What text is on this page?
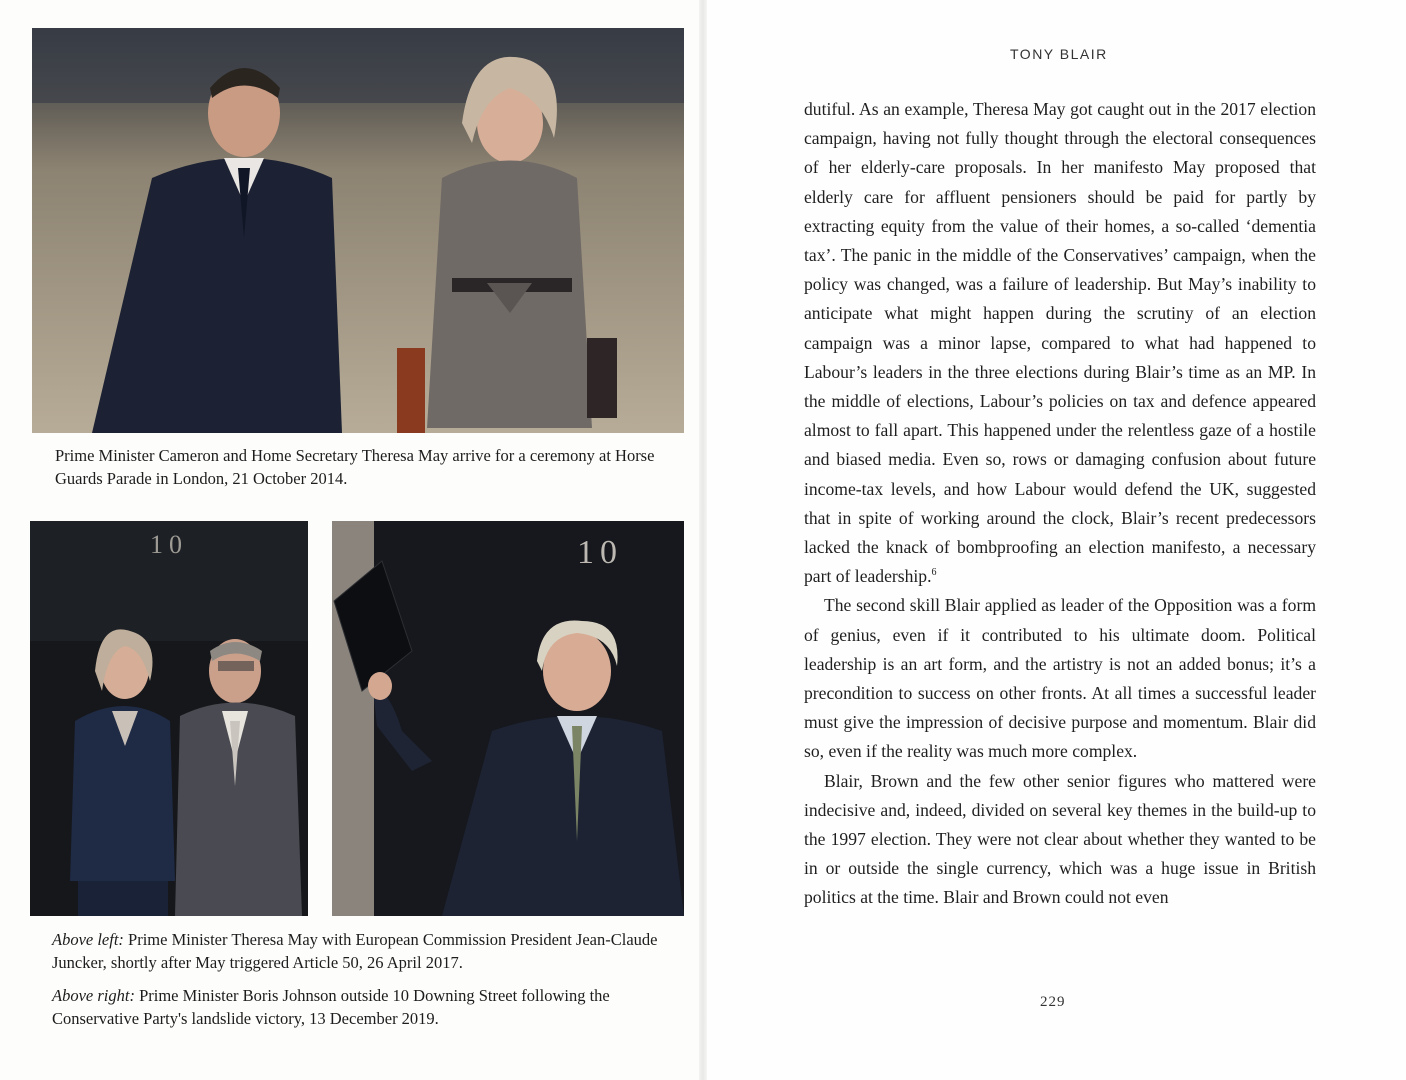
Prime Minister Cameron and Home Secretary Theresa May arrive for a ceremony at Horse Guards Parade in London, 21 October 2014.
10	10
Above left: Prime Minister Theresa May with European Commission President Jean-Claude Juncker, shortly after May triggered Article 50, 26 April 2017.
Above right: Prime Minister Boris Johnson outside 10 Downing Street following the Conservative Party's landslide victory, 13 December 2019.
TONY BLAIR

dutiful. As an example, Theresa May got caught out in the 2017 election campaign, having not fully thought through the electoral consequences of her elderly-care proposals. In her manifesto May proposed that elderly care for affluent pensioners should be paid for partly by extracting equity from the value of their homes, a so-called ‘dementia tax’. The panic in the middle of the Conservatives’ campaign, when the policy was changed, was a failure of leadership. But May’s inability to anticipate what might happen during the scrutiny of an election campaign was a minor lapse, compared to what had happened to Labour’s leaders in the three elections during Blair’s time as an MP. In the middle of elections, Labour’s policies on tax and defence appeared almost to fall apart. This happened under the relentless gaze of a hostile and biased media. Even so, rows or damaging confusion about future income-tax levels, and how Labour would defend the UK, suggested that in spite of working around the clock, Blair’s recent predecessors lacked the knack of bombproofing an election manifesto, a necessary part of leadership.$^6$

The second skill Blair applied as leader of the Opposition was a form of genius, even if it contributed to his ultimate doom. Political leadership is an art form, and the artistry is not an added bonus; it’s a precondition to success on other fronts. At all times a successful leader must give the impression of decisive purpose and momentum. Blair did so, even if the reality was much more complex.

Blair, Brown and the few other senior figures who mattered were indecisive and, indeed, divided on several key themes in the build-up to the 1997 election. They were not clear about whether they wanted to be in or outside the single currency, which was a huge issue in British politics at the time. Blair and Brown could not even

229
